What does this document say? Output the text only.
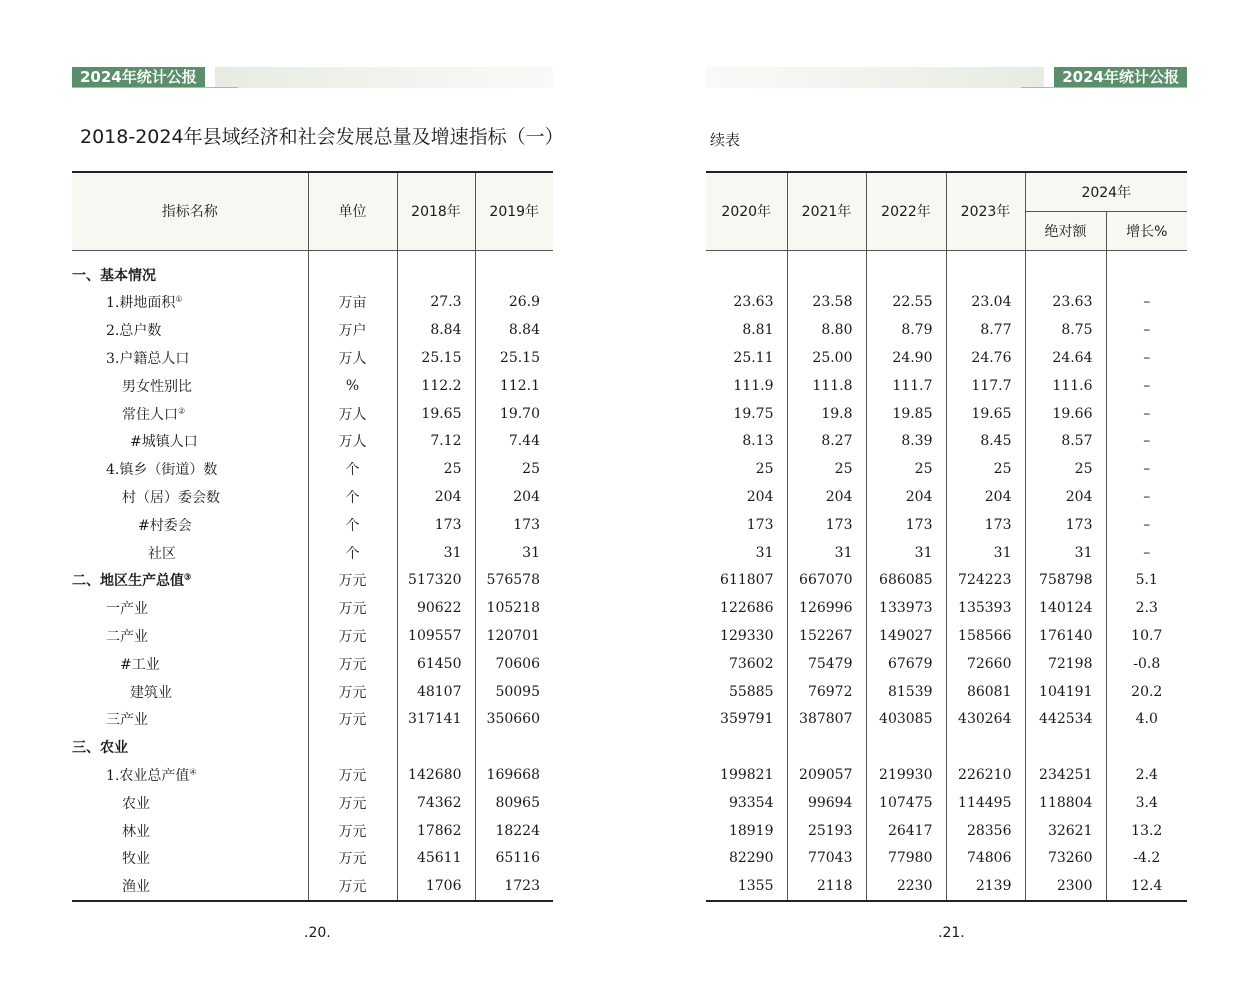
2024年统计公报	2024年统计公报
2018-2024年县域经济和社会发展总量及增速指标（一）	续表
指标名称	单位	2018年	2019年
一、基本情况			
1.耕地面积①	万亩	27.3	26.9
2.总户数	万户	8.84	8.84
3.户籍总人口	万人	25.15	25.15
男女性别比	%	112.2	112.1
常住人口②	万人	19.65	19.70
#城镇人口	万人	7.12	7.44
4.镇乡（街道）数	个	25	25
村（居）委会数	个	204	204
#村委会	个	173	173
社区	个	31	31
二、地区生产总值③	万元	517320	576578
一产业	万元	90622	105218
二产业	万元	109557	120701
#工业	万元	61450	70606
建筑业	万元	48107	50095
三产业	万元	317141	350660
三、农业			
1.农业总产值④	万元	142680	169668
农业	万元	74362	80965
林业	万元	17862	18224
牧业	万元	45611	65116
渔业	万元	1706	1723
2020年	2021年	2022年	2023年	2024年	
				绝对额	增长%

23.63	23.58	22.55	23.04	23.63	–
8.81	8.80	8.79	8.77	8.75	–
25.11	25.00	24.90	24.76	24.64	–
111.9	111.8	111.7	117.7	111.6	–
19.75	19.8	19.85	19.65	19.66	–
8.13	8.27	8.39	8.45	8.57	–
25	25	25	25	25	–
204	204	204	204	204	–
173	173	173	173	173	–
31	31	31	31	31	–
611807	667070	686085	724223	758798	5.1
122686	126996	133973	135393	140124	2.3
129330	152267	149027	158566	176140	10.7
73602	75479	67679	72660	72198	-0.8
55885	76972	81539	86081	104191	20.2
359791	387807	403085	430264	442534	4.0

199821	209057	219930	226210	234251	2.4
93354	99694	107475	114495	118804	3.4
18919	25193	26417	28356	32621	13.2
82290	77043	77980	74806	73260	-4.2
1355	2118	2230	2139	2300	12.4
.20.	.21.
